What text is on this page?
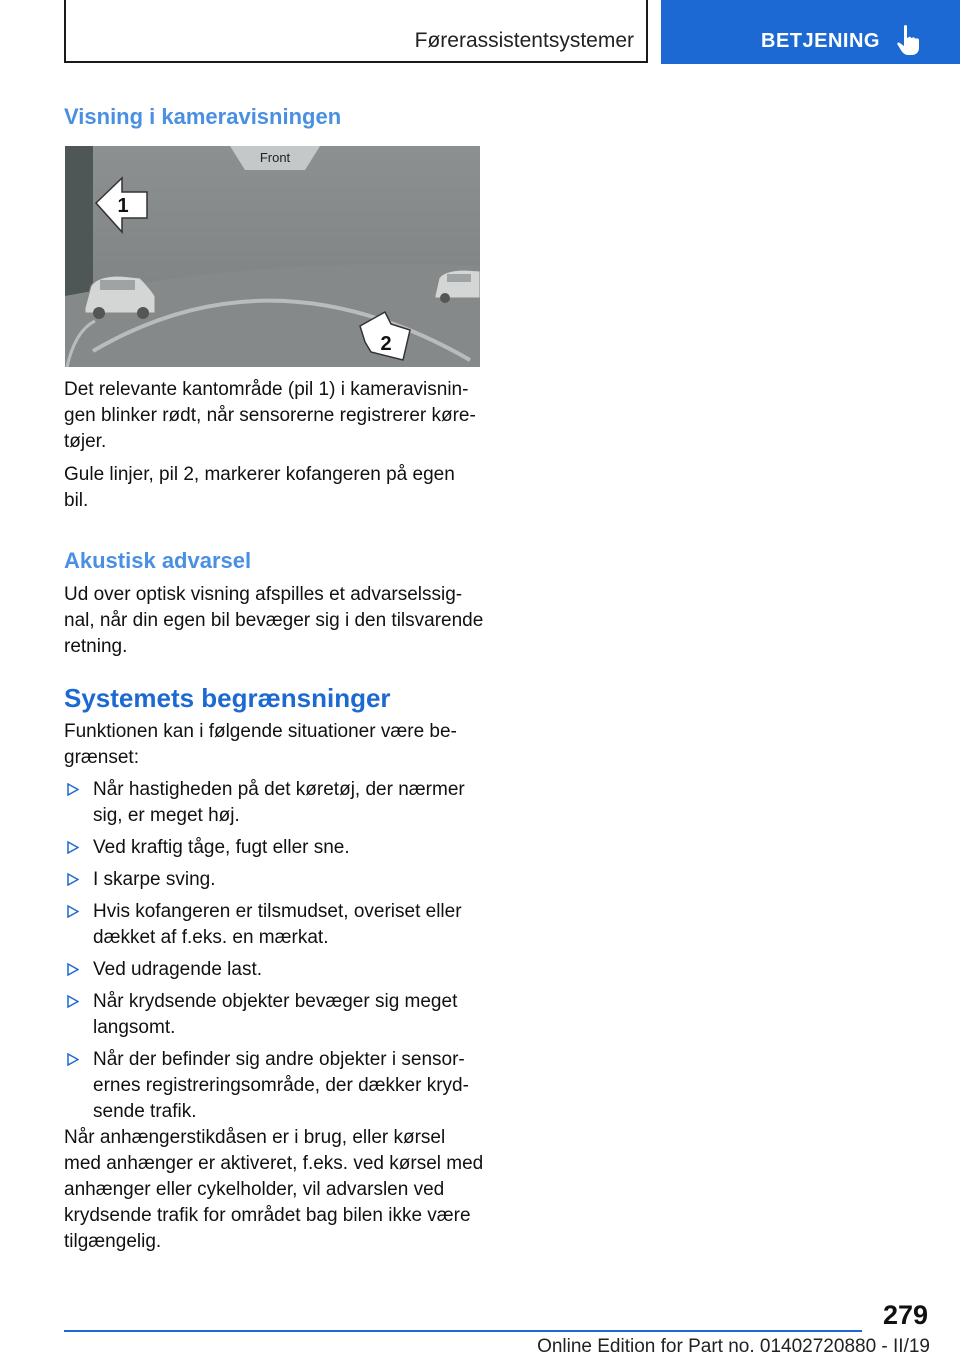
Førerassistentsystemer	BETJENING
Visning i kameravisningen
Front
1
2

Det relevante kantområde (pil 1) i kameravisnin-gen blinker rødt, når sensorerne registrerer køre-tøjer.

Gule linjer, pil 2, markerer kofangeren på egen bil.

Akustisk advarsel

Ud over optisk visning afspilles et advarselssig-nal, når din egen bil bevæger sig i den tilsvarende retning.

Systemets begrænsninger

Funktionen kan i følgende situationer være be-grænset:

Når hastigheden på det køretøj, der nærmer sig, er meget høj.
Ved kraftig tåge, fugt eller sne.
I skarpe sving.
Hvis kofangeren er tilsmudset, overiset eller dækket af f.eks. en mærkat.
Ved udragende last.
Når krydsende objekter bevæger sig meget langsomt.
Når der befinder sig andre objekter i sensor-ernes registreringsområde, der dækker kryd-sende trafik.

Når anhængerstikdåsen er i brug, eller kørsel med anhænger er aktiveret, f.eks. ved kørsel med anhænger eller cykelholder, vil advarslen ved krydsende trafik for området bag bilen ikke være tilgængelig.

279
Online Edition for Part no. 01402720880 - II/19
